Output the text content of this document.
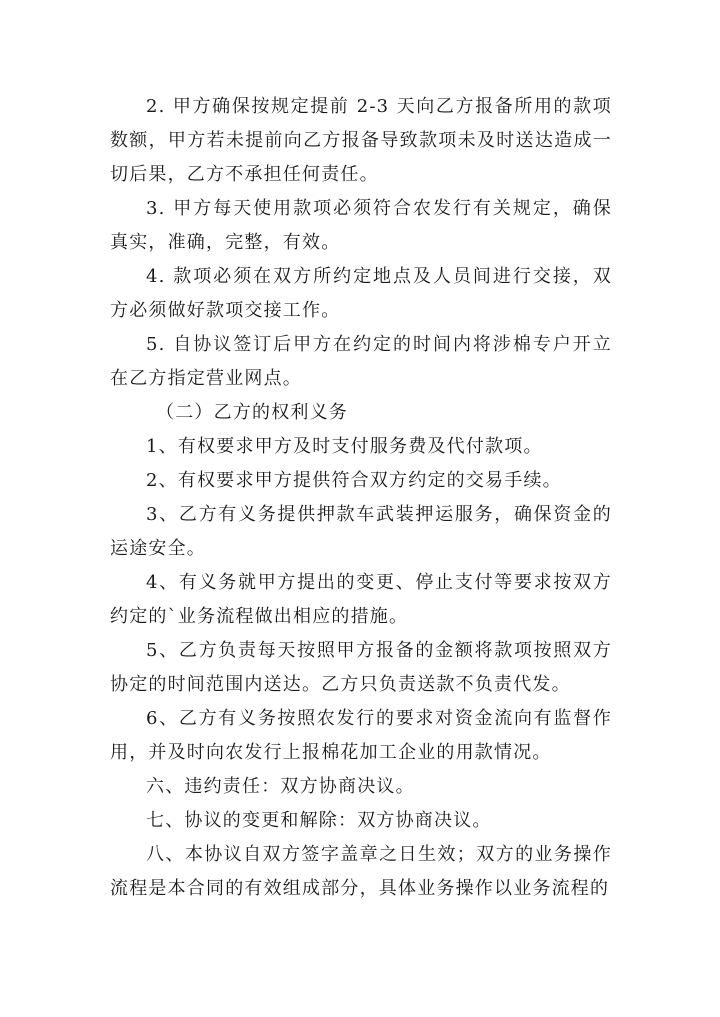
2. 甲方确保按规定提前 2-3 天向乙方报备所用的款项数额，甲方若未提前向乙方报备导致款项未及时送达造成一切后果，乙方不承担任何责任。

3. 甲方每天使用款项必须符合农发行有关规定，确保真实，准确，完整，有效。

4. 款项必须在双方所约定地点及人员间进行交接，双方必须做好款项交接工作。

5. 自协议签订后甲方在约定的时间内将涉棉专户开立在乙方指定营业网点。

（二）乙方的权利义务

1、有权要求甲方及时支付服务费及代付款项。

2、有权要求甲方提供符合双方约定的交易手续。

3、乙方有义务提供押款车武装押运服务，确保资金的运途安全。

4、有义务就甲方提出的变更、停止支付等要求按双方约定的`业务流程做出相应的措施。

5、乙方负责每天按照甲方报备的金额将款项按照双方协定的时间范围内送达。乙方只负责送款不负责代发。

6、乙方有义务按照农发行的要求对资金流向有监督作用，并及时向农发行上报棉花加工企业的用款情况。

六、违约责任：双方协商决议。

七、协议的变更和解除：双方协商决议。

八、本协议自双方签字盖章之日生效；双方的业务操作流程是本合同的有效组成部分，具体业务操作以业务流程的
